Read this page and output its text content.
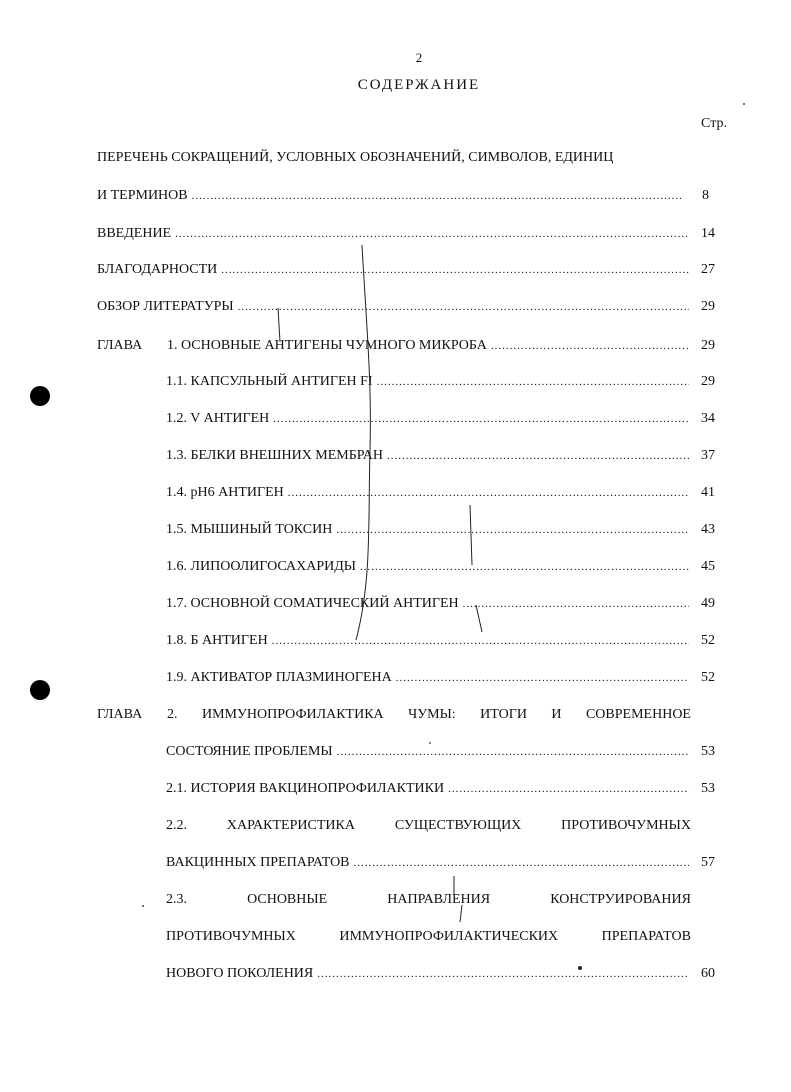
2
СОДЕРЖАНИЕ
Стр.
ПЕРЕЧЕНЬ СОКРАЩЕНИЙ, УСЛОВНЫХ ОБОЗНАЧЕНИЙ, СИМВОЛОВ, ЕДИНИЦ
И ТЕРМИНОВ .....	8
ВВЕДЕНИЕ .....	14
БЛАГОДАРНОСТИ .....	27
ОБЗОР ЛИТЕРАТУРЫ .....	29
ГЛАВА	1. ОСНОВНЫЕ АНТИГЕНЫ ЧУМНОГО МИКРОБА .....	29
1.1. КАПСУЛЬНЫЙ АНТИГЕН FI .....	29
1.2. V АНТИГЕН .....	34
1.3. БЕЛКИ ВНЕШНИХ МЕМБРАН .....	37
1.4. pH6 АНТИГЕН .....	41
1.5. МЫШИНЫЙ ТОКСИН .....	43
1.6. ЛИПООЛИГОСАХАРИДЫ .....	45
1.7. ОСНОВНОЙ СОМАТИЧЕСКИЙ АНТИГЕН .....	49
1.8. Б АНТИГЕН .....	52
1.9. АКТИВАТОР ПЛАЗМИНОГЕНА .....	52
ГЛАВА	2. ИММУНОПРОФИЛАКТИКА ЧУМЫ: ИТОГИ И СОВРЕМЕННОЕ
СОСТОЯНИЕ ПРОБЛЕМЫ .....	53
2.1. ИСТОРИЯ ВАКЦИНОПРОФИЛАКТИКИ .....	53
2.2.	ХАРАКТЕРИСТИКА	СУЩЕСТВУЮЩИХ	ПРОТИВОЧУМНЫХ
ВАКЦИННЫХ ПРЕПАРАТОВ .....	57
2.3.	ОСНОВНЫЕ	НАПРАВЛЕНИЯ	КОНСТРУИРОВАНИЯ
ПРОТИВОЧУМНЫХ	ИММУНОПРОФИЛАКТИЧЕСКИХ	ПРЕПАРАТОВ
НОВОГО ПОКОЛЕНИЯ .....	60
